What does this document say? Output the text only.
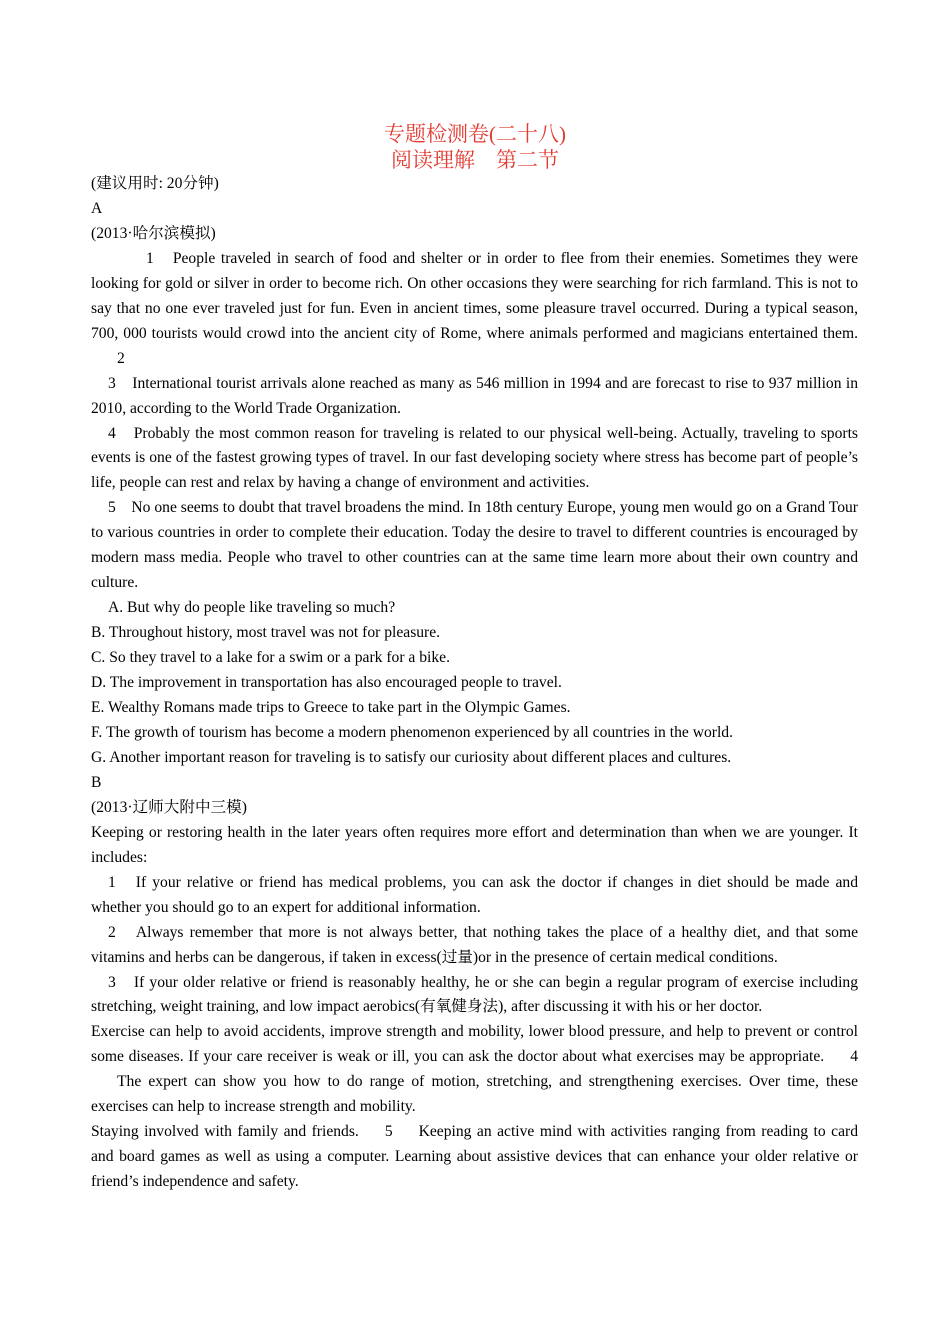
专题检测卷(二十八)
阅读理解　第二节

(建议用时: 20分钟)

A

(2013·哈尔滨模拟)

1　People traveled in search of food and shelter or in order to flee from their enemies. Sometimes they were looking for gold or silver in order to become rich. On other occasions they were searching for rich farmland. This is not to say that no one ever traveled just for fun. Even in ancient times, some pleasure travel occurred. During a typical season, 700, 000 tourists would crowd into the ancient city of Rome, where animals performed and magicians entertained them.2

3　International tourist arrivals alone reached as many as 546 million in 1994 and are forecast to rise to 937 million in 2010, according to the World Trade Organization.

4　Probably the most common reason for traveling is related to our physical well-being. Actually, traveling to sports events is one of the fastest growing types of travel. In our fast developing society where stress has become part of people’s life, people can rest and relax by having a change of environment and activities.

5　No one seems to doubt that travel broadens the mind. In 18th century Europe, young men would go on a Grand Tour to various countries in order to complete their education. Today the desire to travel to different countries is encouraged by modern mass media. People who travel to other countries can at the same time learn more about their own country and culture.

A. But why do people like traveling so much?

B. Throughout history, most travel was not for pleasure.

C. So they travel to a lake for a swim or a park for a bike.

D. The improvement in transportation has also encouraged people to travel.

E. Wealthy Romans made trips to Greece to take part in the Olympic Games.

F. The growth of tourism has become a modern phenomenon experienced by all countries in the world.

G. Another important reason for traveling is to satisfy our curiosity about different places and cultures.

B

(2013·辽师大附中三模)

Keeping or restoring health in the later years often requires more effort and determination than when we are younger. It includes:

1　If your relative or friend has medical problems, you can ask the doctor if changes in diet should be made and whether you should go to an expert for additional information.

2　Always remember that more is not always better, that nothing takes the place of a healthy diet, and that some vitamins and herbs can be dangerous, if taken in excess(过量)or in the presence of certain medical conditions.

3　If your older relative or friend is reasonably healthy, he or she can begin a regular program of exercise including stretching, weight training, and low impact aerobics(有氧健身法), after discussing it with his or her doctor.

Exercise can help to avoid accidents, improve strength and mobility, lower blood pressure, and help to prevent or control some diseases. If your care receiver is weak or ill, you can ask the doctor about what exercises may be appropriate. 4The expert can show you how to do range of motion, stretching, and strengthening exercises. Over time, these exercises can help to increase strength and mobility.

Staying involved with family and friends. 5 Keeping an active mind with activities ranging from reading to card and board games as well as using a computer. Learning about assistive devices that can enhance your older relative or friend’s independence and safety.
